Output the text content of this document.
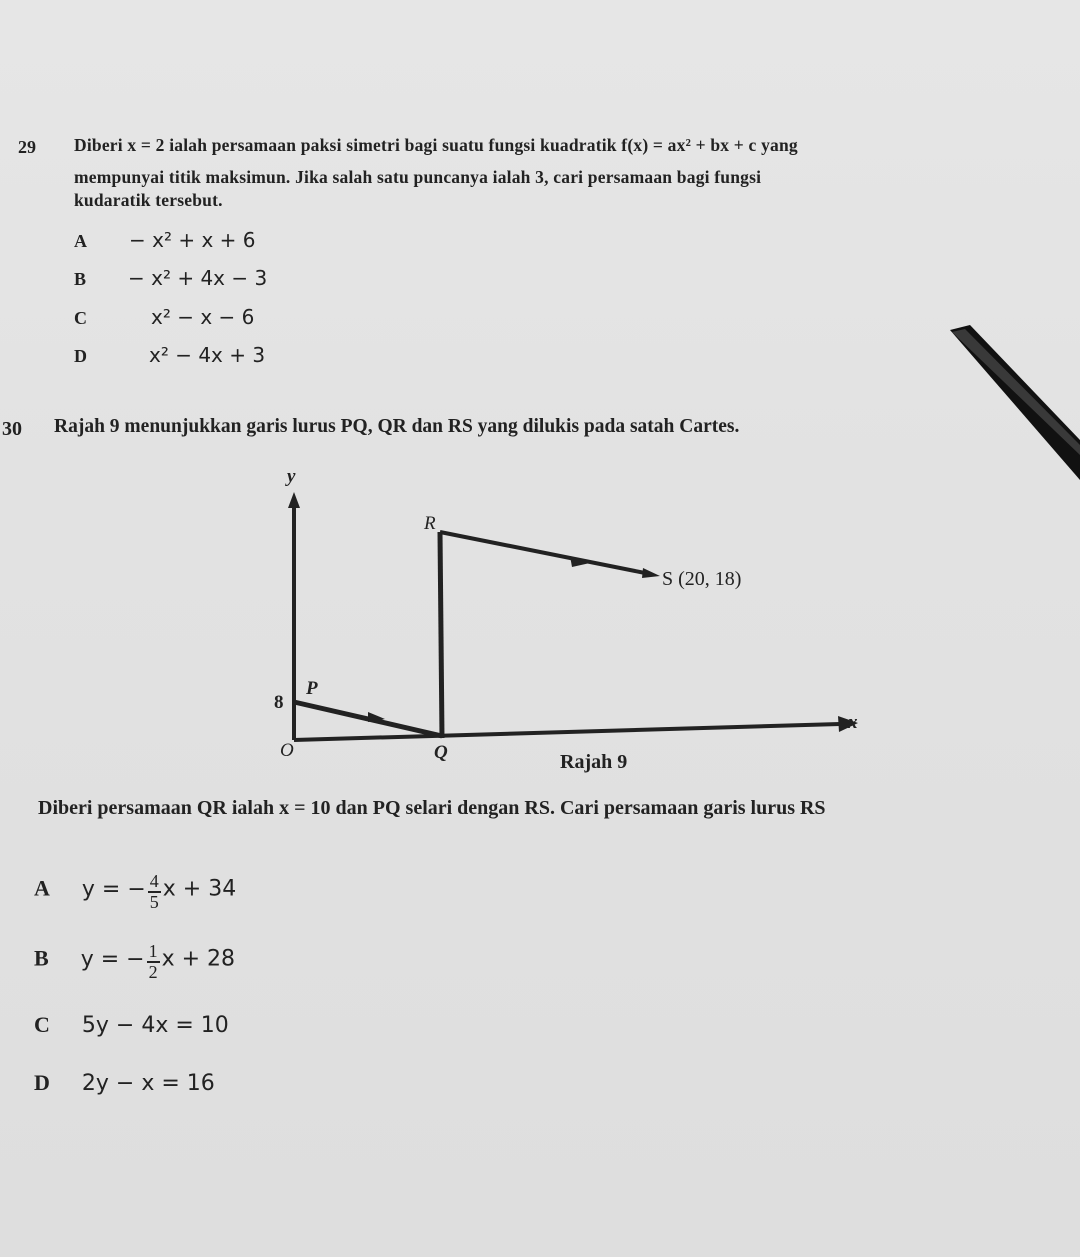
29 Diberi x = 2 ialah persamaan paksi simetri bagi suatu fungsi kuadratik f(x) = ax² + bx + c yang
mempunyai titik maksimun. Jika salah satu puncanya ialah 3, cari persamaan bagi fungsi
kudaratik tersebut.
A − x² + x + 6
B − x² + 4x − 3
C	x² − x − 6
D	x² − 4x + 3
30 Rajah 9 menunjukkan garis lurus PQ, QR dan RS yang dilukis pada satah Cartes.
y
x
O
R
S (20, 18)
P
8
Q	Rajah 9
Diberi persamaan QR ialah x = 10 dan PQ selari dengan RS. Cari persamaan garis lurus RS
A y = − $\frac{4}{5}$ x + 34
B y = − $\frac{1}{2}$ x + 28
C 5y − 4x = 10
D 2y − x = 16
